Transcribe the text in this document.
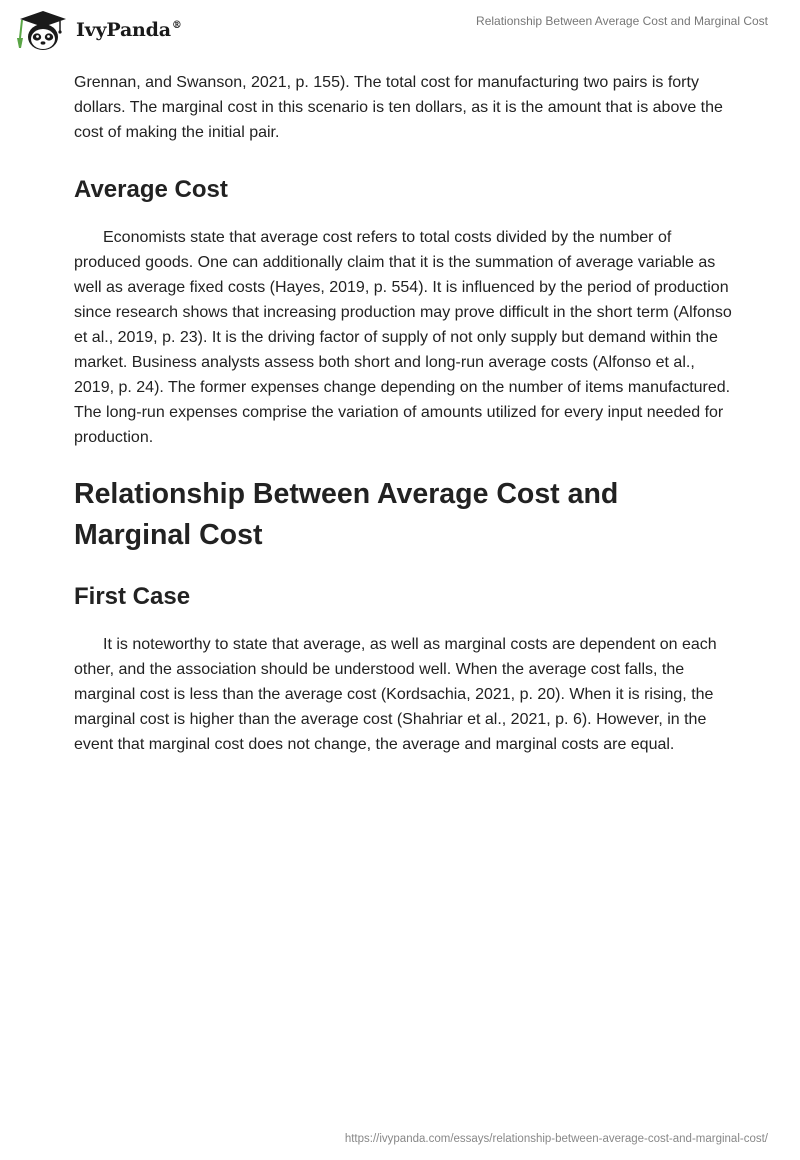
IvyPanda®	Relationship Between Average Cost and Marginal Cost

Grennan, and Swanson, 2021, p. 155). The total cost for manufacturing two pairs is forty dollars. The marginal cost in this scenario is ten dollars, as it is the amount that is above the cost of making the initial pair.

Average Cost

Economists state that average cost refers to total costs divided by the number of produced goods. One can additionally claim that it is the summation of average variable as well as average fixed costs (Hayes, 2019, p. 554). It is influenced by the period of production since research shows that increasing production may prove difficult in the short term (Alfonso et al., 2019, p. 23). It is the driving factor of supply of not only supply but demand within the market. Business analysts assess both short and long-run average costs (Alfonso et al., 2019, p. 24). The former expenses change depending on the number of items manufactured. The long-run expenses comprise the variation of amounts utilized for every input needed for production.

Relationship Between Average Cost and Marginal Cost
First Case

It is noteworthy to state that average, as well as marginal costs are dependent on each other, and the association should be understood well. When the average cost falls, the marginal cost is less than the average cost (Kordsachia, 2021, p. 20). When it is rising, the marginal cost is higher than the average cost (Shahriar et al., 2021, p. 6). However, in the event that marginal cost does not change, the average and marginal costs are equal.

https://ivypanda.com/essays/relationship-between-average-cost-and-marginal-cost/
